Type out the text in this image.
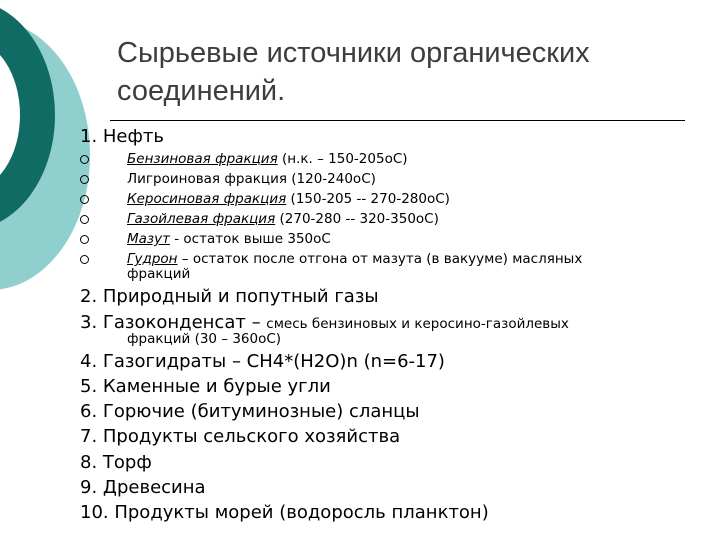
Сырьевые источники органических соединений.
1. Нефть
Бензиновая фракция (н.к. – 150-205оС)
Лигроиновая фракция (120-240оС)
Керосиновая фракция (150-205 -- 270-280оС)
Газойлевая фракция (270-280 -- 320-350оС)
Мазут - остаток выше 350оС
Гудрон – остаток после отгона от мазута (в вакууме) масляных
фракций
2. Природный и попутный газы
3. Газоконденсат – смесь бензиновых и керосино-газойлевых
фракций (30 – 360оС)
4. Газогидраты – CH4*(H2O)n (n=6-17)
5. Каменные и бурые угли
6. Горючие (битуминозные) сланцы
7. Продукты сельского хозяйства
8. Торф
9. Древесина
10. Продукты морей (водоросль планктон)
